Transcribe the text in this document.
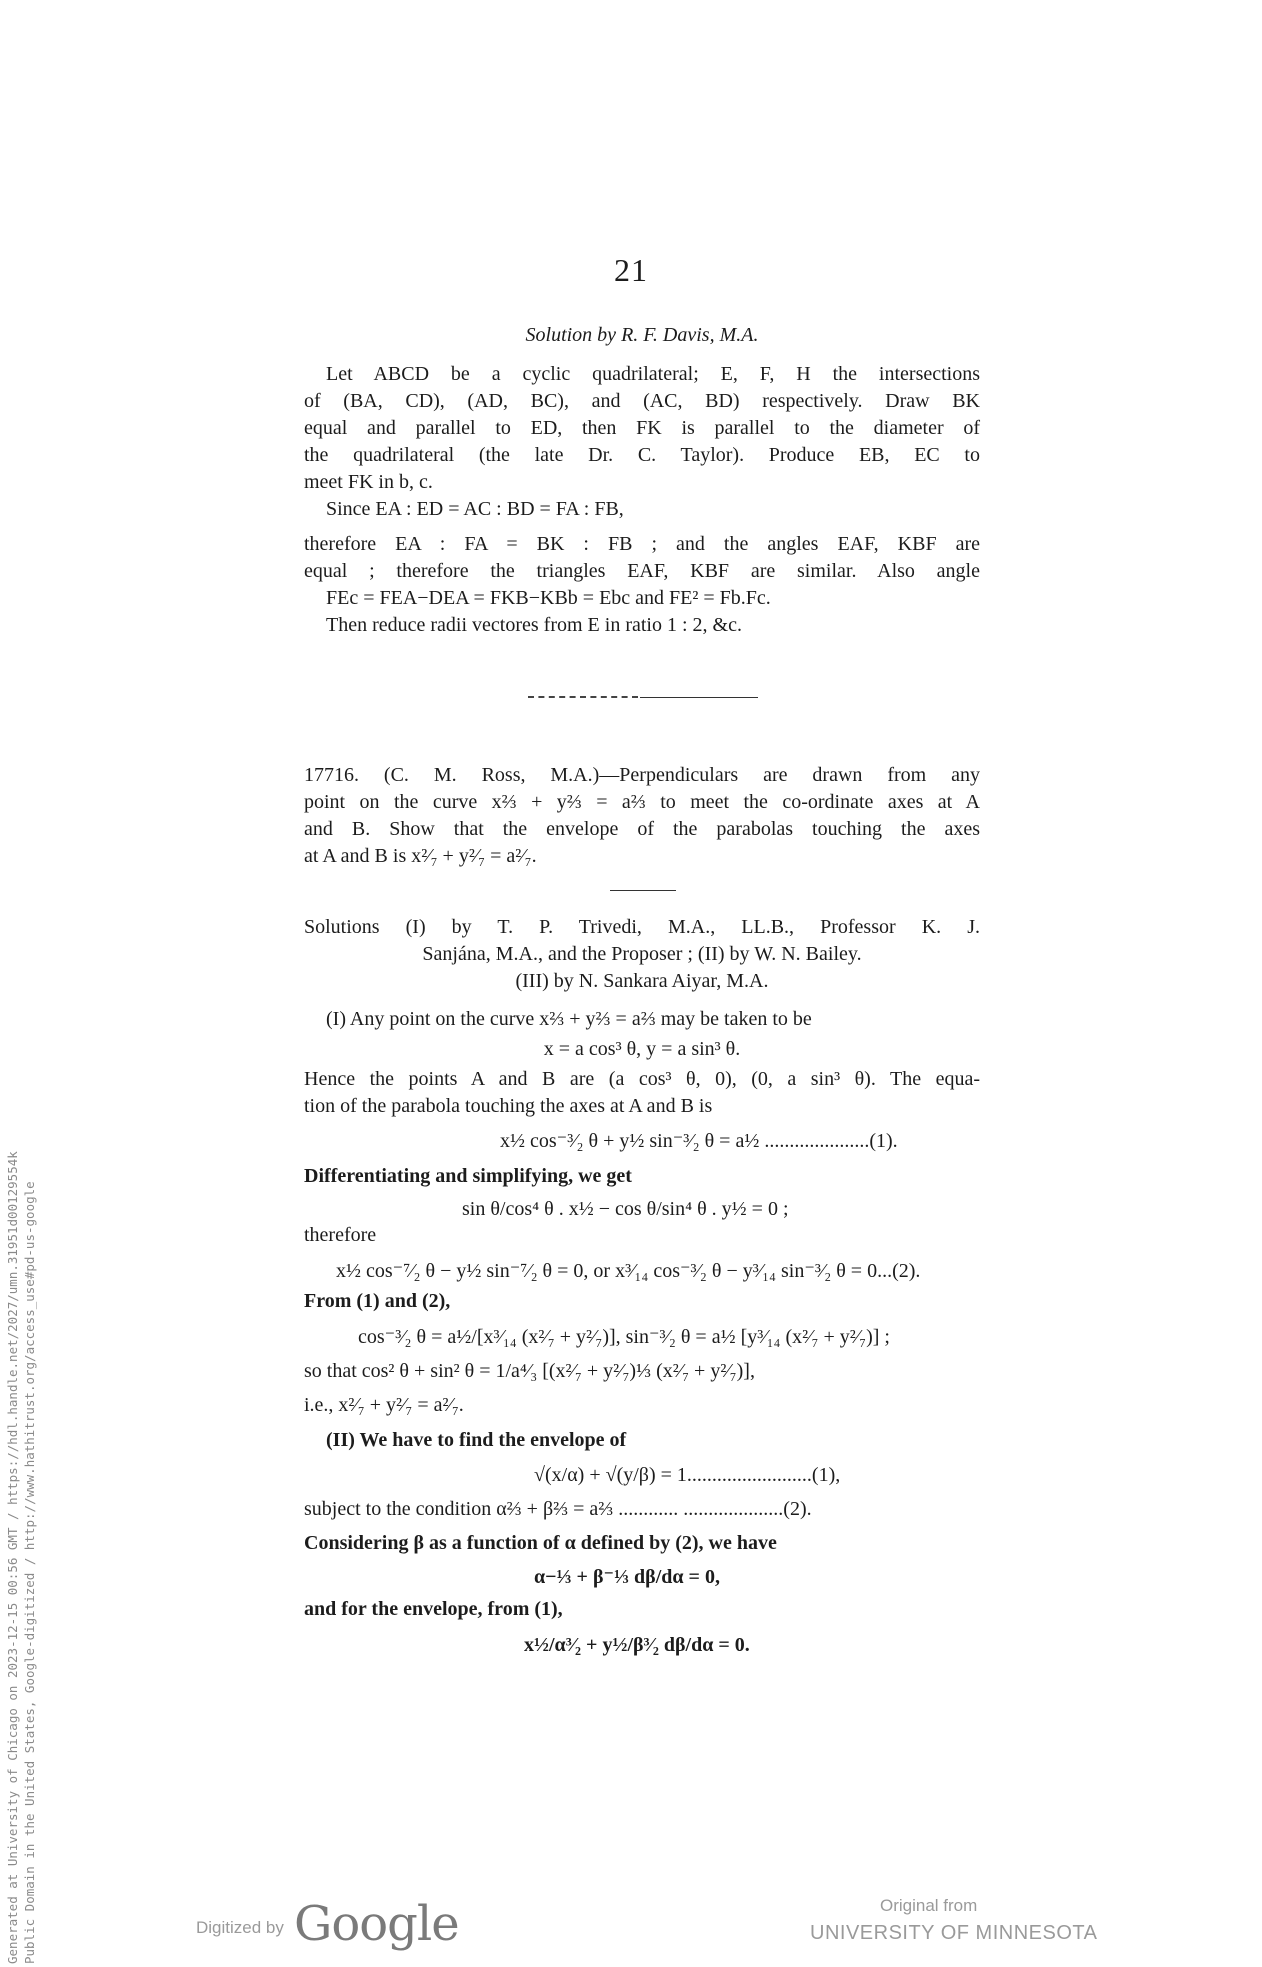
21
Solution by R. F. Davis, M.A.
Let ABCD be a cyclic quadrilateral; E, F, H the intersections
of (BA, CD), (AD, BC), and (AC, BD) respectively. Draw BK
equal and parallel to ED, then FK is parallel to the diameter of
the quadrilateral (the late Dr. C. Taylor). Produce EB, EC to
meet FK in b, c.
Since EA : ED = AC : BD = FA : FB,
therefore EA : FA = BK : FB ; and the angles EAF, KBF are
equal ; therefore the triangles EAF, KBF are similar. Also angle
FEc = FEA−DEA = FKB−KBb = Ebc and FE² = Fb.Fc.
Then reduce radii vectores from E in ratio 1 : 2, &c.
17716. (C. M. Ross, M.A.)—Perpendiculars are drawn from any
point on the curve x⅔ + y⅔ = a⅔ to meet the co-ordinate axes at A
and B. Show that the envelope of the parabolas touching the axes
at A and B is x²⁄₇ + y²⁄₇ = a²⁄₇.
Solutions (I) by T. P. Trivedi, M.A., LL.B., Professor K. J.
Sanjána, M.A., and the Proposer ; (II) by W. N. Bailey.
(III) by N. Sankara Aiyar, M.A.
(I) Any point on the curve x⅔ + y⅔ = a⅔ may be taken to be
x = a cos³ θ, y = a sin³ θ.
Hence the points A and B are (a cos³ θ, 0), (0, a sin³ θ). The equa-
tion of the parabola touching the axes at A and B is
x½ cos⁻³⁄₂ θ + y½ sin⁻³⁄₂ θ = a½ .....................(1).
Differentiating and simplifying, we get
sin θ/cos⁴ θ . x½ − cos θ/sin⁴ θ . y½ = 0 ;
therefore
x½ cos⁻⁷⁄₂ θ − y½ sin⁻⁷⁄₂ θ = 0, or x³⁄₁₄ cos⁻³⁄₂ θ − y³⁄₁₄ sin⁻³⁄₂ θ = 0...(2).
From (1) and (2),
cos⁻³⁄₂ θ = a½/[x³⁄₁₄ (x²⁄₇ + y²⁄₇)], sin⁻³⁄₂ θ = a½ [y³⁄₁₄ (x²⁄₇ + y²⁄₇)] ;
so that cos² θ + sin² θ = 1/a⁴⁄₃ [(x²⁄₇ + y²⁄₇)⅓ (x²⁄₇ + y²⁄₇)],
i.e., x²⁄₇ + y²⁄₇ = a²⁄₇.
(II) We have to find the envelope of
√(x/α) + √(y/β) = 1.........................(1),
subject to the condition α⅔ + β⅔ = a⅔ ............ ....................(2).
Considering β as a function of α defined by (2), we have
α−⅓ + β⁻⅓ dβ/dα = 0,
and for the envelope, from (1),
x½/α³⁄₂ + y½/β³⁄₂ dβ/dα = 0.
Generated at University of Chicago on 2023-12-15 00:56 GMT / https://hdl.handle.net/2027/umn.31951d00129554k Public Domain in the United States, Google-digitized / http://www.hathitrust.org/access_use#pd-us-google	Digitized by Google	Original from
UNIVERSITY OF MINNESOTA
